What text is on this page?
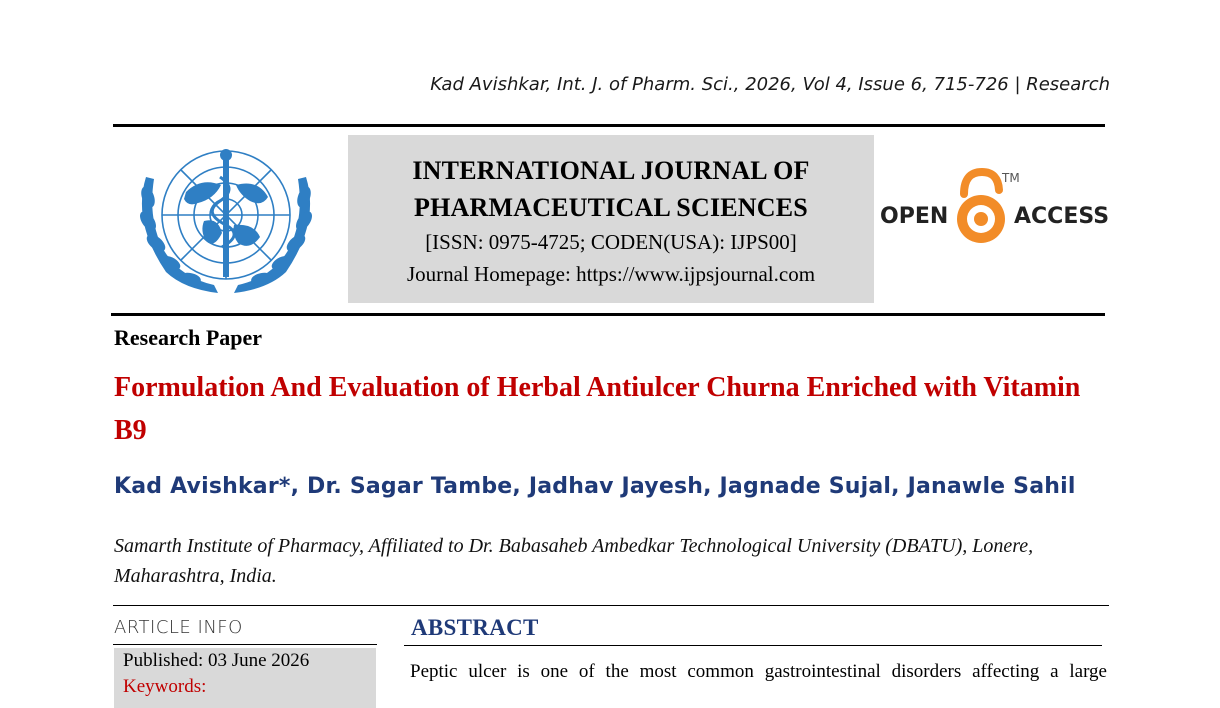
Kad Avishkar, Int. J. of Pharm. Sci., 2026, Vol 4, Issue 6, 715-726 | Research
INTERNATIONAL JOURNAL OF
PHARMACEUTICAL SCIENCES
[ISSN: 0975-4725; CODEN(USA): IJPS00]
Journal Homepage: https://www.ijpsjournal.com
OPEN	ACCESS
TM
Research Paper
Formulation And Evaluation of Herbal Antiulcer Churna Enriched with Vitamin B9
Kad Avishkar*, Dr. Sagar Tambe, Jadhav Jayesh, Jagnade Sujal, Janawle Sahil
Samarth Institute of Pharmacy, Affiliated to Dr. Babasaheb Ambedkar Technological University (DBATU), Lonere, Maharashtra, India.
ARTICLE INFO
Published: 03 June 2026
Keywords:
ABSTRACT
Peptic ulcer is one of the most common gastrointestinal disorders affecting a large
